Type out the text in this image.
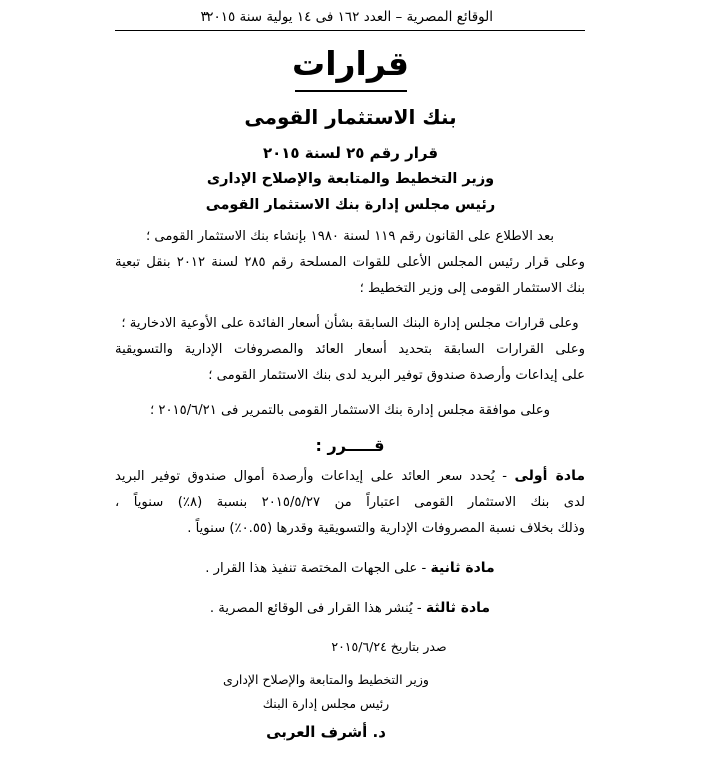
الوقائع المصرية – العدد ١٦٢ فى ١٤ يولية سنة ٢٠١٥
٣
قرارات
بنك الاستثمار القومى
قرار رقم ٢٥ لسنة ٢٠١٥
وزير التخطيط والمتابعة والإصلاح الإدارى
رئيس مجلس إدارة بنك الاستثمار القومى

بعد الاطلاع على القانون رقم ١١٩ لسنة ١٩٨٠ بإنشاء بنك الاستثمار القومى ؛

وعلى قرار رئيس المجلس الأعلى للقوات المسلحة رقم ٢٨٥ لسنة ٢٠١٢ بنقل تبعية

بنك الاستثمار القومى إلى وزير التخطيط ؛

وعلى قرارات مجلس إدارة البنك السابقة بشأن أسعار الفائدة على الأوعية الادخارية ؛

وعلى القرارات السابقة بتحديد أسعار العائد والمصروفات الإدارية والتسويقية

على إيداعات وأرصدة صندوق توفير البريد لدى بنك الاستثمار القومى ؛

وعلى موافقة مجلس إدارة بنك الاستثمار القومى بالتمرير فى ٢٠١٥/٦/٢١ ؛

قـــــرر :

مادة أولى - يُحدد سعر العائد على إيداعات وأرصدة أموال صندوق توفير البريد

لدى بنك الاستثمار القومى اعتباراً من ٢٠١٥/٥/٢٧ بنسبة (٨٪) سنوياً ،

وذلك بخلاف نسبة المصروفات الإدارية والتسويقية وقدرها (٠.٥٥٪) سنوياً .

مادة ثانية - على الجهات المختصة تنفيذ هذا القرار .

مادة ثالثة - يُنشر هذا القرار فى الوقائع المصرية .

صدر بتاريخ ٢٠١٥/٦/٢٤
وزير التخطيط والمتابعة والإصلاح الإدارى
رئيس مجلس إدارة البنك
د. أشرف العربى
